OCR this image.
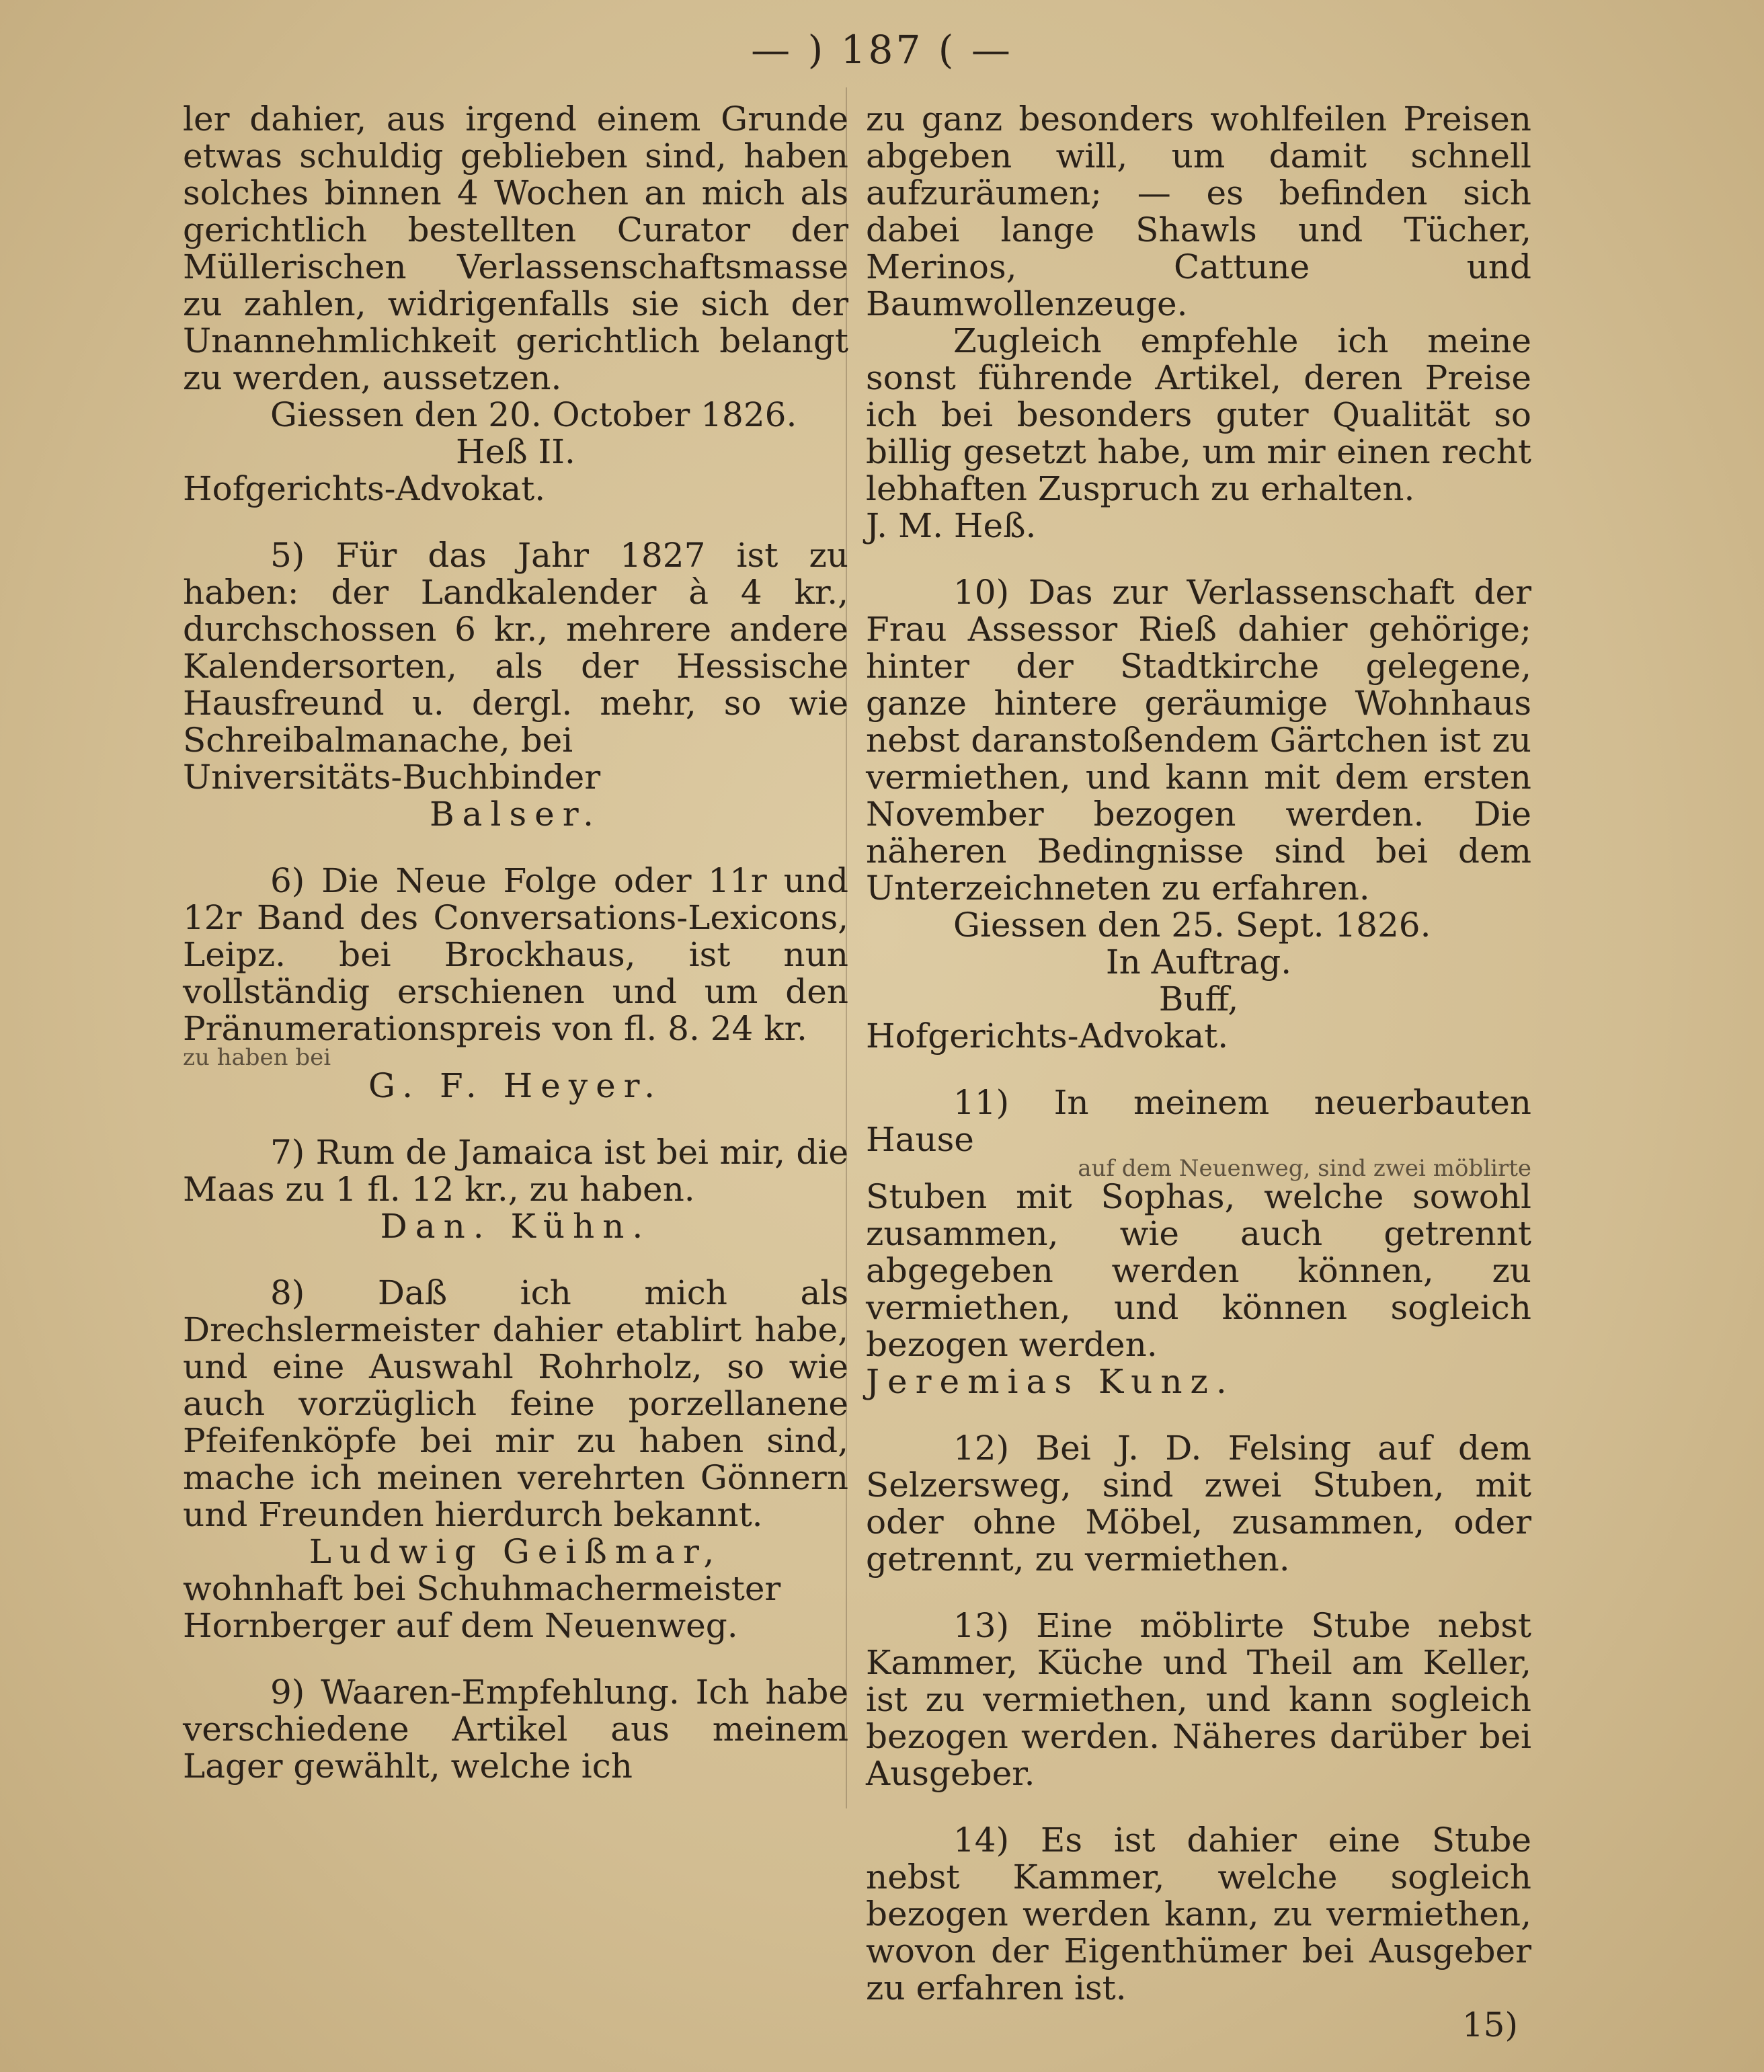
— ) 187 ( —

ler dahier, aus irgend einem Grunde etwas schuldig geblieben sind, haben solches binnen 4 Wochen an mich als gerichtlich bestellten Curator der Müllerischen Verlassenschaftsmasse zu zahlen, widrigenfalls sie sich der Unannehmlichkeit gerichtlich belangt zu werden, aussetzen.

Giessen den 20. October 1826.

Heß II.

Hofgerichts-Advokat.

5) Für das Jahr 1827 ist zu haben: der Landkalender à 4 kr., durchschossen 6 kr., mehrere andere Kalendersorten, als der Hessische Hausfreund u. dergl. mehr, so wie Schreibalmanache, bei

Universitäts-Buchbinder

Balser.

6) Die Neue Folge oder 11r und 12r Band des Conversations-Lexicons, Leipz. bei Brockhaus, ist nun vollständig erschienen und um den Pränumerationspreis von fl. 8. 24 kr.

zu haben bei

G. F. Heyer.

7) Rum de Jamaica ist bei mir, die Maas zu 1 fl. 12 kr., zu haben.

Dan. Kühn.

8) Daß ich mich als Drechslermeister dahier etablirt habe, und eine Auswahl Rohrholz, so wie auch vorzüglich feine porzellanene Pfeifenköpfe bei mir zu haben sind, mache ich meinen verehrten Gönnern und Freunden hierdurch bekannt.

Ludwig Geißmar,

wohnhaft bei Schuhmachermeister

Hornberger auf dem Neuenweg.

9) Waaren-Empfehlung. Ich habe verschiedene Artikel aus meinem Lager gewählt, welche ich

zu ganz besonders wohlfeilen Preisen abgeben will, um damit schnell aufzuräumen; — es befinden sich dabei lange Shawls und Tücher, Merinos, Cattune und Baumwollenzeuge.

Zugleich empfehle ich meine sonst führende Artikel, deren Preise ich bei besonders guter Qualität so billig gesetzt habe, um mir einen recht lebhaften Zuspruch zu erhalten.

J. M. Heß.

10) Das zur Verlassenschaft der Frau Assessor Rieß dahier gehörige; hinter der Stadtkirche gelegene, ganze hintere geräumige Wohnhaus nebst daranstoßendem Gärtchen ist zu vermiethen, und kann mit dem ersten November bezogen werden. Die näheren Bedingnisse sind bei dem Unterzeichneten zu erfahren.

Giessen den 25. Sept. 1826.

In Auftrag.

Buff,

Hofgerichts-Advokat.

11) In meinem neuerbauten Hause

auf dem Neuenweg, sind zwei möblirte

Stuben mit Sophas, welche sowohl zusammen, wie auch getrennt abgegeben werden können, zu vermiethen, und können sogleich bezogen werden.

Jeremias Kunz.

12) Bei J. D. Felsing auf dem Selzersweg, sind zwei Stuben, mit oder ohne Möbel, zusammen, oder getrennt, zu vermiethen.

13) Eine möblirte Stube nebst Kammer, Küche und Theil am Keller, ist zu vermiethen, und kann sogleich bezogen werden. Näheres darüber bei Ausgeber.

14) Es ist dahier eine Stube nebst Kammer, welche sogleich bezogen werden kann, zu vermiethen, wovon der Eigenthümer bei Ausgeber zu erfahren ist.

15)
